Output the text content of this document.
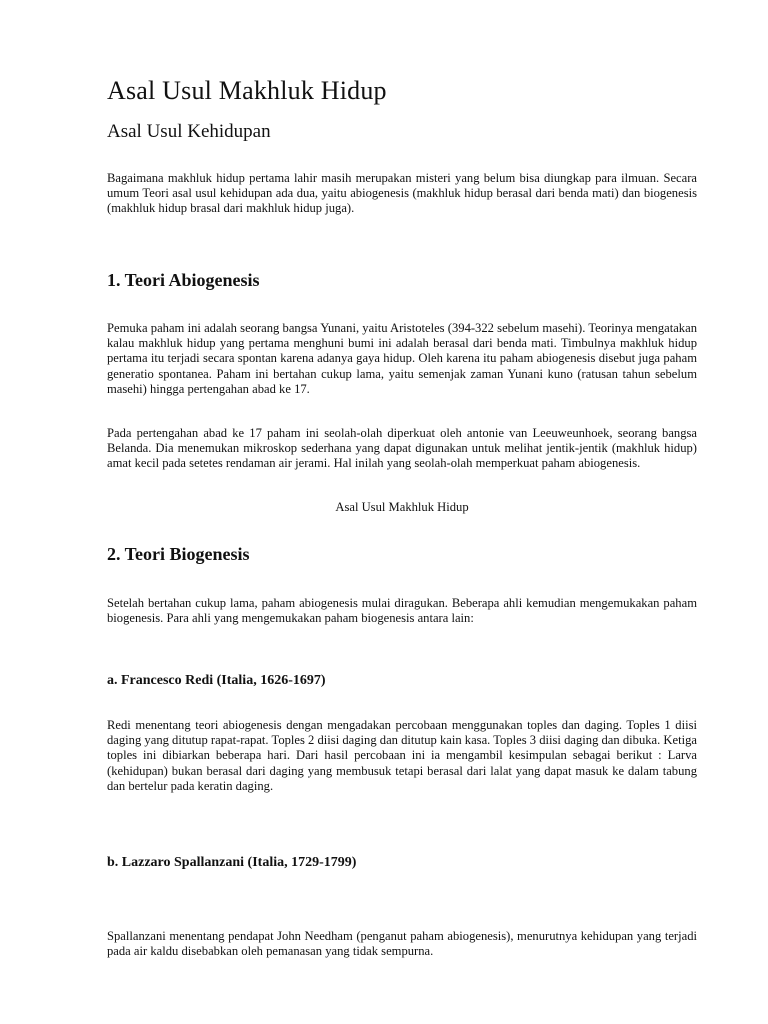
Asal Usul Makhluk Hidup
Asal Usul Kehidupan

Bagaimana makhluk hidup pertama lahir masih merupakan misteri yang belum bisa diungkap para ilmuan. Secara umum Teori asal usul kehidupan ada dua, yaitu abiogenesis (makhluk hidup berasal dari benda mati) dan biogenesis (makhluk hidup brasal dari makhluk hidup juga).

1. Teori Abiogenesis

Pemuka paham ini adalah seorang bangsa Yunani, yaitu Aristoteles (394-322 sebelum masehi). Teorinya mengatakan kalau makhluk hidup yang pertama menghuni bumi ini adalah berasal dari benda mati. Timbulnya makhluk hidup pertama itu terjadi secara spontan karena adanya gaya hidup. Oleh karena itu paham abiogenesis disebut juga paham generatio spontanea. Paham ini bertahan cukup lama, yaitu semenjak zaman Yunani kuno (ratusan tahun sebelum masehi) hingga pertengahan abad ke 17.

Pada pertengahan abad ke 17 paham ini seolah-olah diperkuat oleh antonie van Leeuweunhoek, seorang bangsa Belanda. Dia menemukan mikroskop sederhana yang dapat digunakan untuk melihat jentik-jentik (makhluk hidup) amat kecil pada setetes rendaman air jerami. Hal inilah yang seolah-olah memperkuat paham abiogenesis.

Asal Usul Makhluk Hidup

2. Teori Biogenesis

Setelah bertahan cukup lama, paham abiogenesis mulai diragukan. Beberapa ahli kemudian mengemukakan paham biogenesis. Para ahli yang mengemukakan paham biogenesis antara lain:

a. Francesco Redi (Italia, 1626-1697)

Redi menentang teori abiogenesis dengan mengadakan percobaan menggunakan toples dan daging. Toples 1 diisi daging yang ditutup rapat-rapat. Toples 2 diisi daging dan ditutup kain kasa. Toples 3 diisi daging dan dibuka. Ketiga toples ini dibiarkan beberapa hari. Dari hasil percobaan ini ia mengambil kesimpulan sebagai berikut : Larva (kehidupan) bukan berasal dari daging yang membusuk tetapi berasal dari lalat yang dapat masuk ke dalam tabung dan bertelur pada keratin daging.

b. Lazzaro Spallanzani (Italia, 1729-1799)

Spallanzani menentang pendapat John Needham (penganut paham abiogenesis), menurutnya kehidupan yang terjadi pada air kaldu disebabkan oleh pemanasan yang tidak sempurna.
